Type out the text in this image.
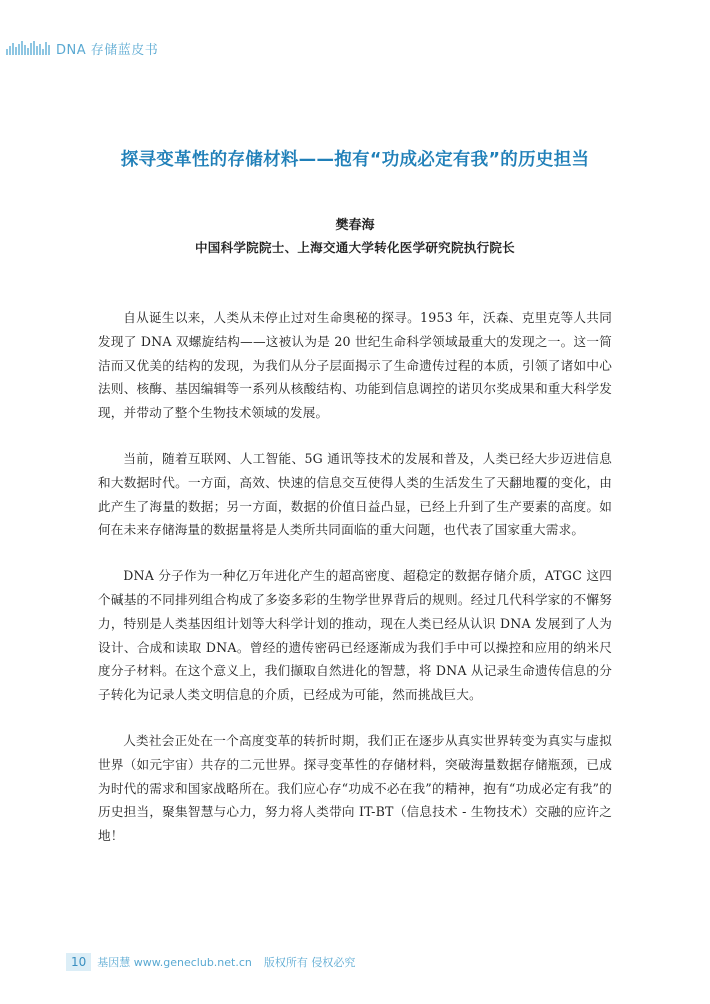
DNA 存储蓝皮书
探寻变革性的存储材料——抱有“功成必定有我”的历史担当
樊春海
中国科学院院士、上海交通大学转化医学研究院执行院长

自从诞生以来，人类从未停止过对生命奥秘的探寻。1953 年，沃森、克里克等人共同发现了 DNA 双螺旋结构——这被认为是 20 世纪生命科学领域最重大的发现之一。这一简洁而又优美的结构的发现，为我们从分子层面揭示了生命遗传过程的本质，引领了诸如中心法则、核酶、基因编辑等一系列从核酸结构、功能到信息调控的诺贝尔奖成果和重大科学发现，并带动了整个生物技术领域的发展。

当前，随着互联网、人工智能、5G 通讯等技术的发展和普及，人类已经大步迈进信息和大数据时代。一方面，高效、快速的信息交互使得人类的生活发生了天翻地覆的变化，由此产生了海量的数据；另一方面，数据的价值日益凸显，已经上升到了生产要素的高度。如何在未来存储海量的数据量将是人类所共同面临的重大问题，也代表了国家重大需求。

DNA 分子作为一种亿万年进化产生的超高密度、超稳定的数据存储介质，ATGC 这四个碱基的不同排列组合构成了多姿多彩的生物学世界背后的规则。经过几代科学家的不懈努力，特别是人类基因组计划等大科学计划的推动，现在人类已经从认识 DNA 发展到了人为设计、合成和读取 DNA。曾经的遗传密码已经逐渐成为我们手中可以操控和应用的纳米尺度分子材料。在这个意义上，我们撷取自然进化的智慧，将 DNA 从记录生命遗传信息的分子转化为记录人类文明信息的介质，已经成为可能，然而挑战巨大。

人类社会正处在一个高度变革的转折时期，我们正在逐步从真实世界转变为真实与虚拟世界（如元宇宙）共存的二元世界。探寻变革性的存储材料，突破海量数据存储瓶颈，已成为时代的需求和国家战略所在。我们应心存“功成不必在我”的精神，抱有“功成必定有我”的历史担当，聚集智慧与心力，努力将人类带向 IT-BT（信息技术 - 生物技术）交融的应许之地！

10	基因慧 www.geneclub.net.cn 版权所有 侵权必究
